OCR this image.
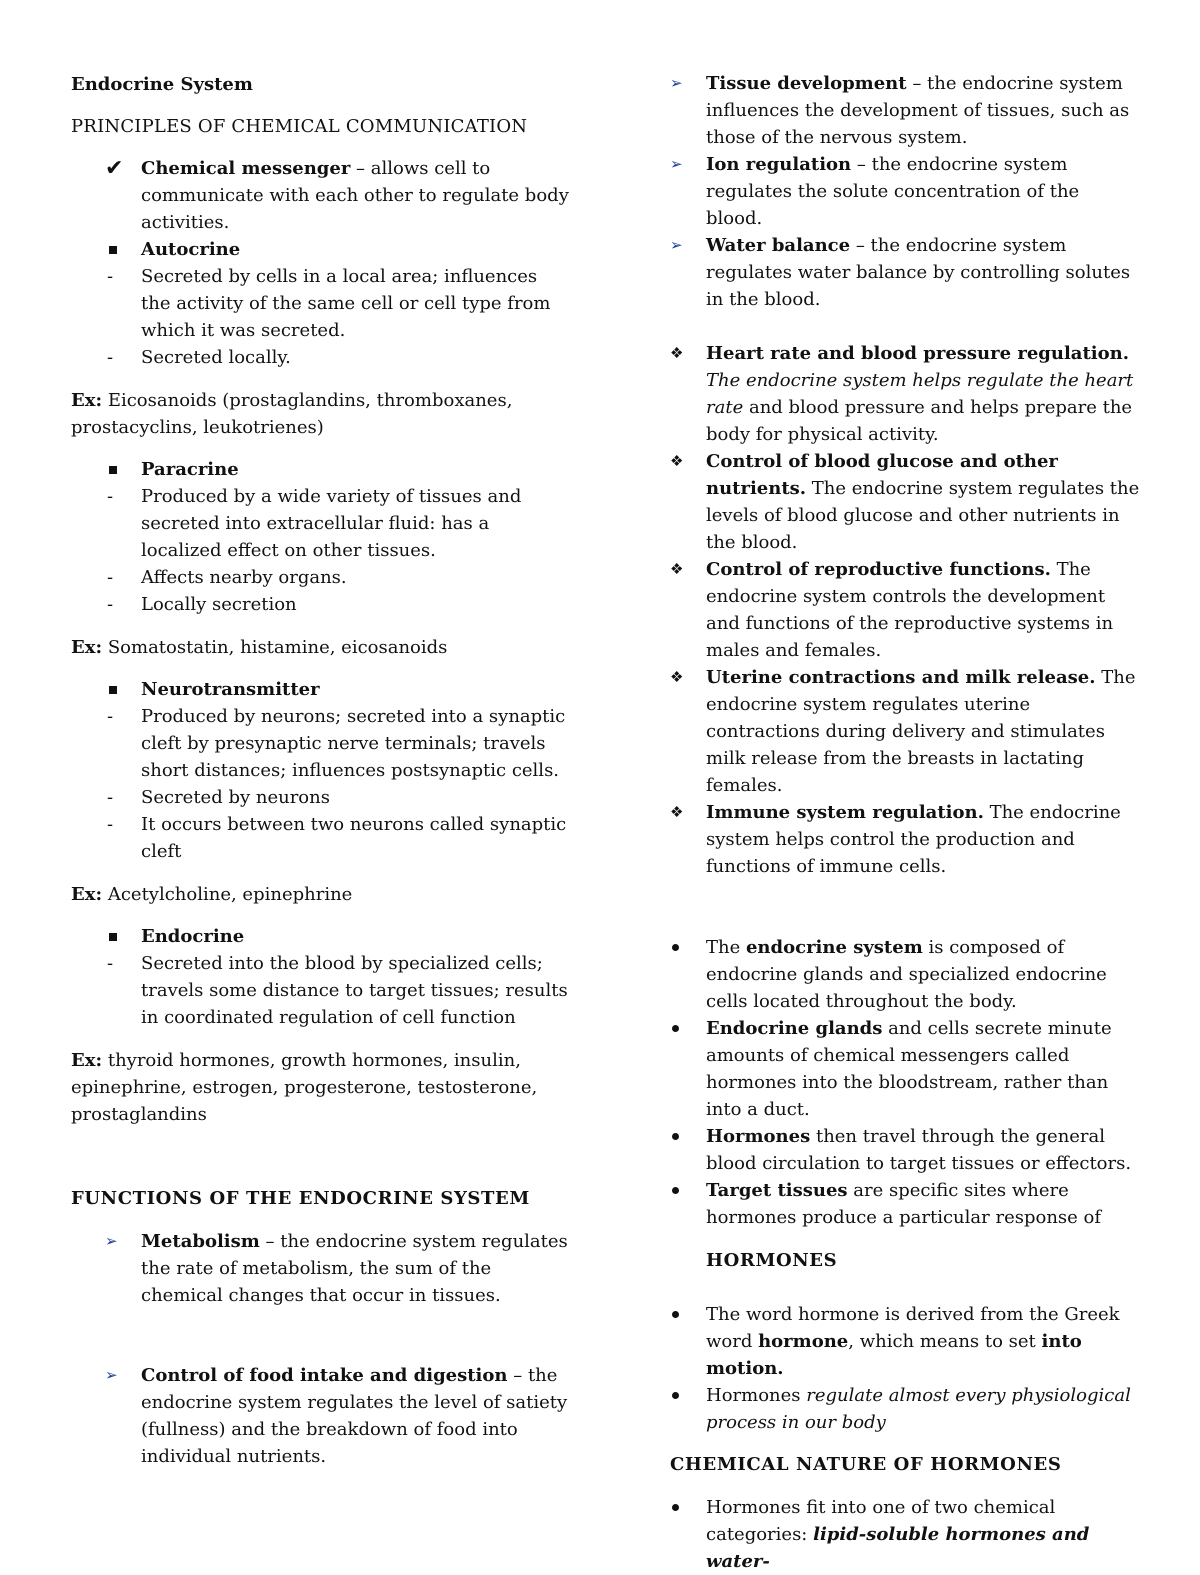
Endocrine System

PRINCIPLES OF CHEMICAL COMMUNICATION

✔ Chemical messenger – allows cell to communicate with each other to regulate body activities.
Autocrine
-	Secreted by cells in a local area; influences the activity of the same cell or cell type from which it was secreted.
-	Secreted locally.

Ex: Eicosanoids (prostaglandins, thromboxanes, prostacyclins, leukotrienes)

Paracrine
-	Produced by a wide variety of tissues and secreted into extracellular fluid: has a localized effect on other tissues.
-	Affects nearby organs.
-	Locally secretion

Ex: Somatostatin, histamine, eicosanoids

Neurotransmitter
-	Produced by neurons; secreted into a synaptic cleft by presynaptic nerve terminals; travels short distances; influences postsynaptic cells.
-	Secreted by neurons
-	It occurs between two neurons called synaptic cleft

Ex: Acetylcholine, epinephrine

Endocrine
-	Secreted into the blood by specialized cells; travels some distance to target tissues; results in coordinated regulation of cell function

Ex: thyroid hormones, growth hormones, insulin, epinephrine, estrogen, progesterone, testosterone, prostaglandins

FUNCTIONS OF THE ENDOCRINE SYSTEM

➢	Metabolism – the endocrine system regulates the rate of metabolism, the sum of the chemical changes that occur in tissues.
➢	Control of food intake and digestion – the endocrine system regulates the level of satiety (fullness) and the breakdown of food into individual nutrients.
➢	Tissue development – the endocrine system influences the development of tissues, such as those of the nervous system.
➢	Ion regulation – the endocrine system regulates the solute concentration of the blood.
➢	Water balance – the endocrine system regulates water balance by controlling solutes in the blood.
❖	Heart rate and blood pressure regulation. The endocrine system helps regulate the heart rate and blood pressure and helps prepare the body for physical activity.
❖	Control of blood glucose and other nutrients. The endocrine system regulates the levels of blood glucose and other nutrients in the blood.
❖	Control of reproductive functions. The endocrine system controls the development and functions of the reproductive systems in males and females.
❖	Uterine contractions and milk release. The endocrine system regulates uterine contractions during delivery and stimulates milk release from the breasts in lactating females.
❖	Immune system regulation. The endocrine system helps control the production and functions of immune cells.
The endocrine system is composed of endocrine glands and specialized endocrine cells located throughout the body.
Endocrine glands and cells secrete minute amounts of chemical messengers called hormones into the bloodstream, rather than into a duct.
Hormones then travel through the general blood circulation to target tissues or effectors.
Target tissues are specific sites where hormones produce a particular response of

HORMONES

The word hormone is derived from the Greek word hormone, which means to set into motion.
Hormones regulate almost every physiological process in our body

CHEMICAL NATURE OF HORMONES

Hormones fit into one of two chemical categories: lipid-soluble hormones and water-
